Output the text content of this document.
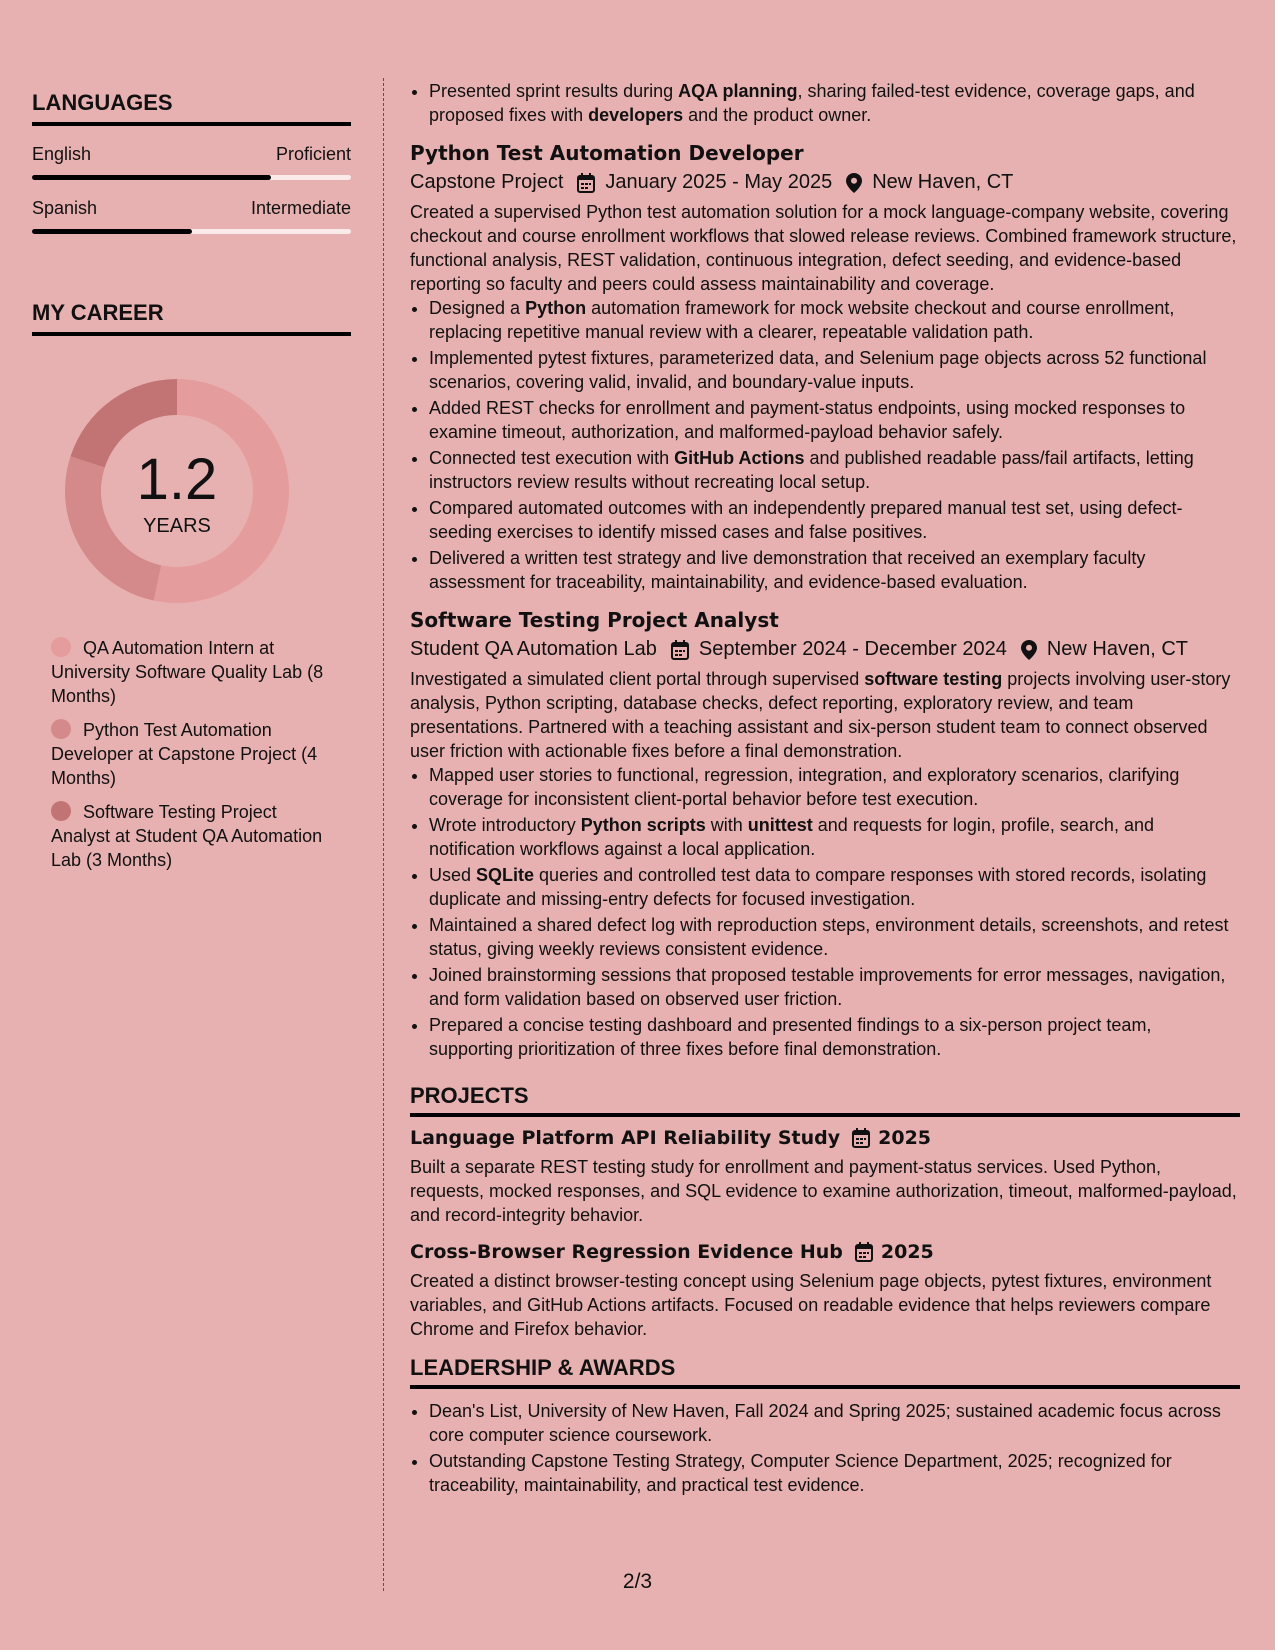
LANGUAGES
English	Proficient
Spanish	Intermediate
MY CAREER
1.2
YEARS
QA Automation Intern at University Software Quality Lab (8 Months)
Python Test Automation Developer at Capstone Project (4 Months)
Software Testing Project Analyst at Student QA Automation Lab (3 Months)
• Presented sprint results during AQA planning, sharing failed-test evidence, coverage gaps, and proposed fixes with developers and the product owner.
Python Test Automation Developer
Capstone Project January 2025 - May 2025 New Haven, CT
Created a supervised Python test automation solution for a mock language-company website, covering checkout and course enrollment workflows that slowed release reviews. Combined framework structure, functional analysis, REST validation, continuous integration, defect seeding, and evidence-based reporting so faculty and peers could assess maintainability and coverage.
• Designed a Python automation framework for mock website checkout and course enrollment, replacing repetitive manual review with a clearer, repeatable validation path.
• Implemented pytest fixtures, parameterized data, and Selenium page objects across 52 functional scenarios, covering valid, invalid, and boundary-value inputs.
• Added REST checks for enrollment and payment-status endpoints, using mocked responses to examine timeout, authorization, and malformed-payload behavior safely.
• Connected test execution with GitHub Actions and published readable pass/fail artifacts, letting instructors review results without recreating local setup.
• Compared automated outcomes with an independently prepared manual test set, using defect-seeding exercises to identify missed cases and false positives.
• Delivered a written test strategy and live demonstration that received an exemplary faculty assessment for traceability, maintainability, and evidence-based evaluation.
Software Testing Project Analyst
Student QA Automation Lab September 2024 - December 2024 New Haven, CT
Investigated a simulated client portal through supervised software testing projects involving user-story analysis, Python scripting, database checks, defect reporting, exploratory review, and team presentations. Partnered with a teaching assistant and six-person student team to connect observed user friction with actionable fixes before a final demonstration.
• Mapped user stories to functional, regression, integration, and exploratory scenarios, clarifying coverage for inconsistent client-portal behavior before test execution.
• Wrote introductory Python scripts with unittest and requests for login, profile, search, and notification workflows against a local application.
• Used SQLite queries and controlled test data to compare responses with stored records, isolating duplicate and missing-entry defects for focused investigation.
• Maintained a shared defect log with reproduction steps, environment details, screenshots, and retest status, giving weekly reviews consistent evidence.
• Joined brainstorming sessions that proposed testable improvements for error messages, navigation, and form validation based on observed user friction.
• Prepared a concise testing dashboard and presented findings to a six-person project team, supporting prioritization of three fixes before final demonstration.
PROJECTS
Language Platform API Reliability Study 2025
Built a separate REST testing study for enrollment and payment-status services. Used Python, requests, mocked responses, and SQL evidence to examine authorization, timeout, malformed-payload, and record-integrity behavior.
Cross-Browser Regression Evidence Hub 2025
Created a distinct browser-testing concept using Selenium page objects, pytest fixtures, environment variables, and GitHub Actions artifacts. Focused on readable evidence that helps reviewers compare Chrome and Firefox behavior.
LEADERSHIP & AWARDS
• Dean's List, University of New Haven, Fall 2024 and Spring 2025; sustained academic focus across core computer science coursework.
• Outstanding Capstone Testing Strategy, Computer Science Department, 2025; recognized for traceability, maintainability, and practical test evidence.
2/3
